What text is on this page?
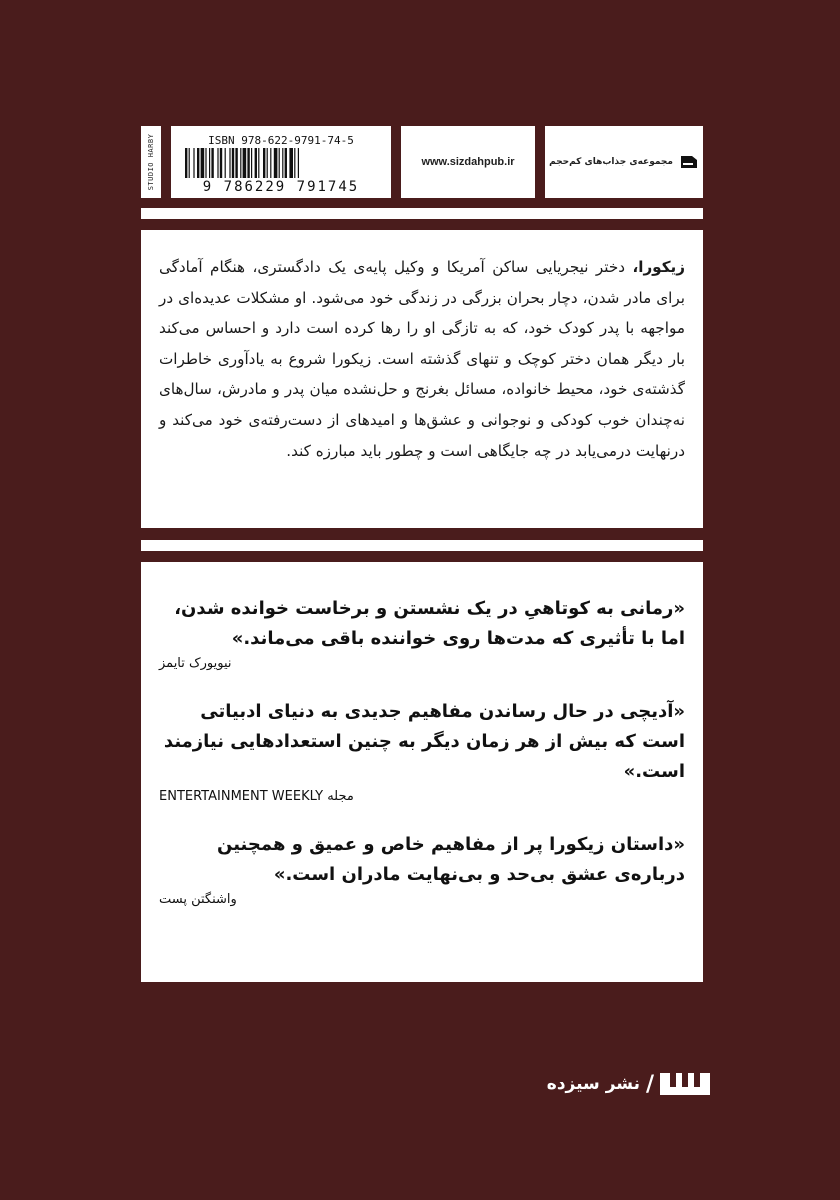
STUDIO HARBY	ISBN 978-622-9791-74-5
9 786229 791745
www.sizdahpub.ir	مجموعه‌ی جذاب‌های کم‌حجم

زیکورا، دختر نیجریایی ساکن آمریکا و وکیل پایه‌ی یک دادگستری، هنگام آمادگی برای مادر شدن، دچار بحران بزرگی در زندگی خود می‌شود. او مشکلات عدیده‌ای در مواجهه با پدر کودک خود، که به تازگی او را رها کرده است دارد و احساس می‌کند بار دیگر همان دختر کوچک و تنهای گذشته است. زیکورا شروع به یادآوری خاطرات گذشته‌ی خود، محیط خانواده، مسائل بغرنج و حل‌نشده میان پدر و مادرش، سال‌های نه‌چندان خوب کودکی و نوجوانی و عشق‌ها و امیدهای از دست‌رفته‌ی خود می‌کند و درنهایت درمی‌یابد در چه جایگاهی است و چطور باید مبارزه کند.

«رمانی به کوتاهیِ در یک نشستن و برخاست خوانده شدن، اما با تأثیری که مدت‌ها روی خواننده باقی می‌ماند.»

نیویورک تایمز

«آدیچی در حال رساندن مفاهیم جدیدی به دنیای ادبیاتی است که بیش از هر زمان دیگر به چنین استعدادهایی نیازمند است.»

مجله ENTERTAINMENT WEEKLY

«داستان زیکورا پر از مفاهیم خاص و عمیق و همچنین درباره‌ی عشق بی‌حد و بی‌نهایت مادران است.»

واشنگتن پست

نشر سیزده /
